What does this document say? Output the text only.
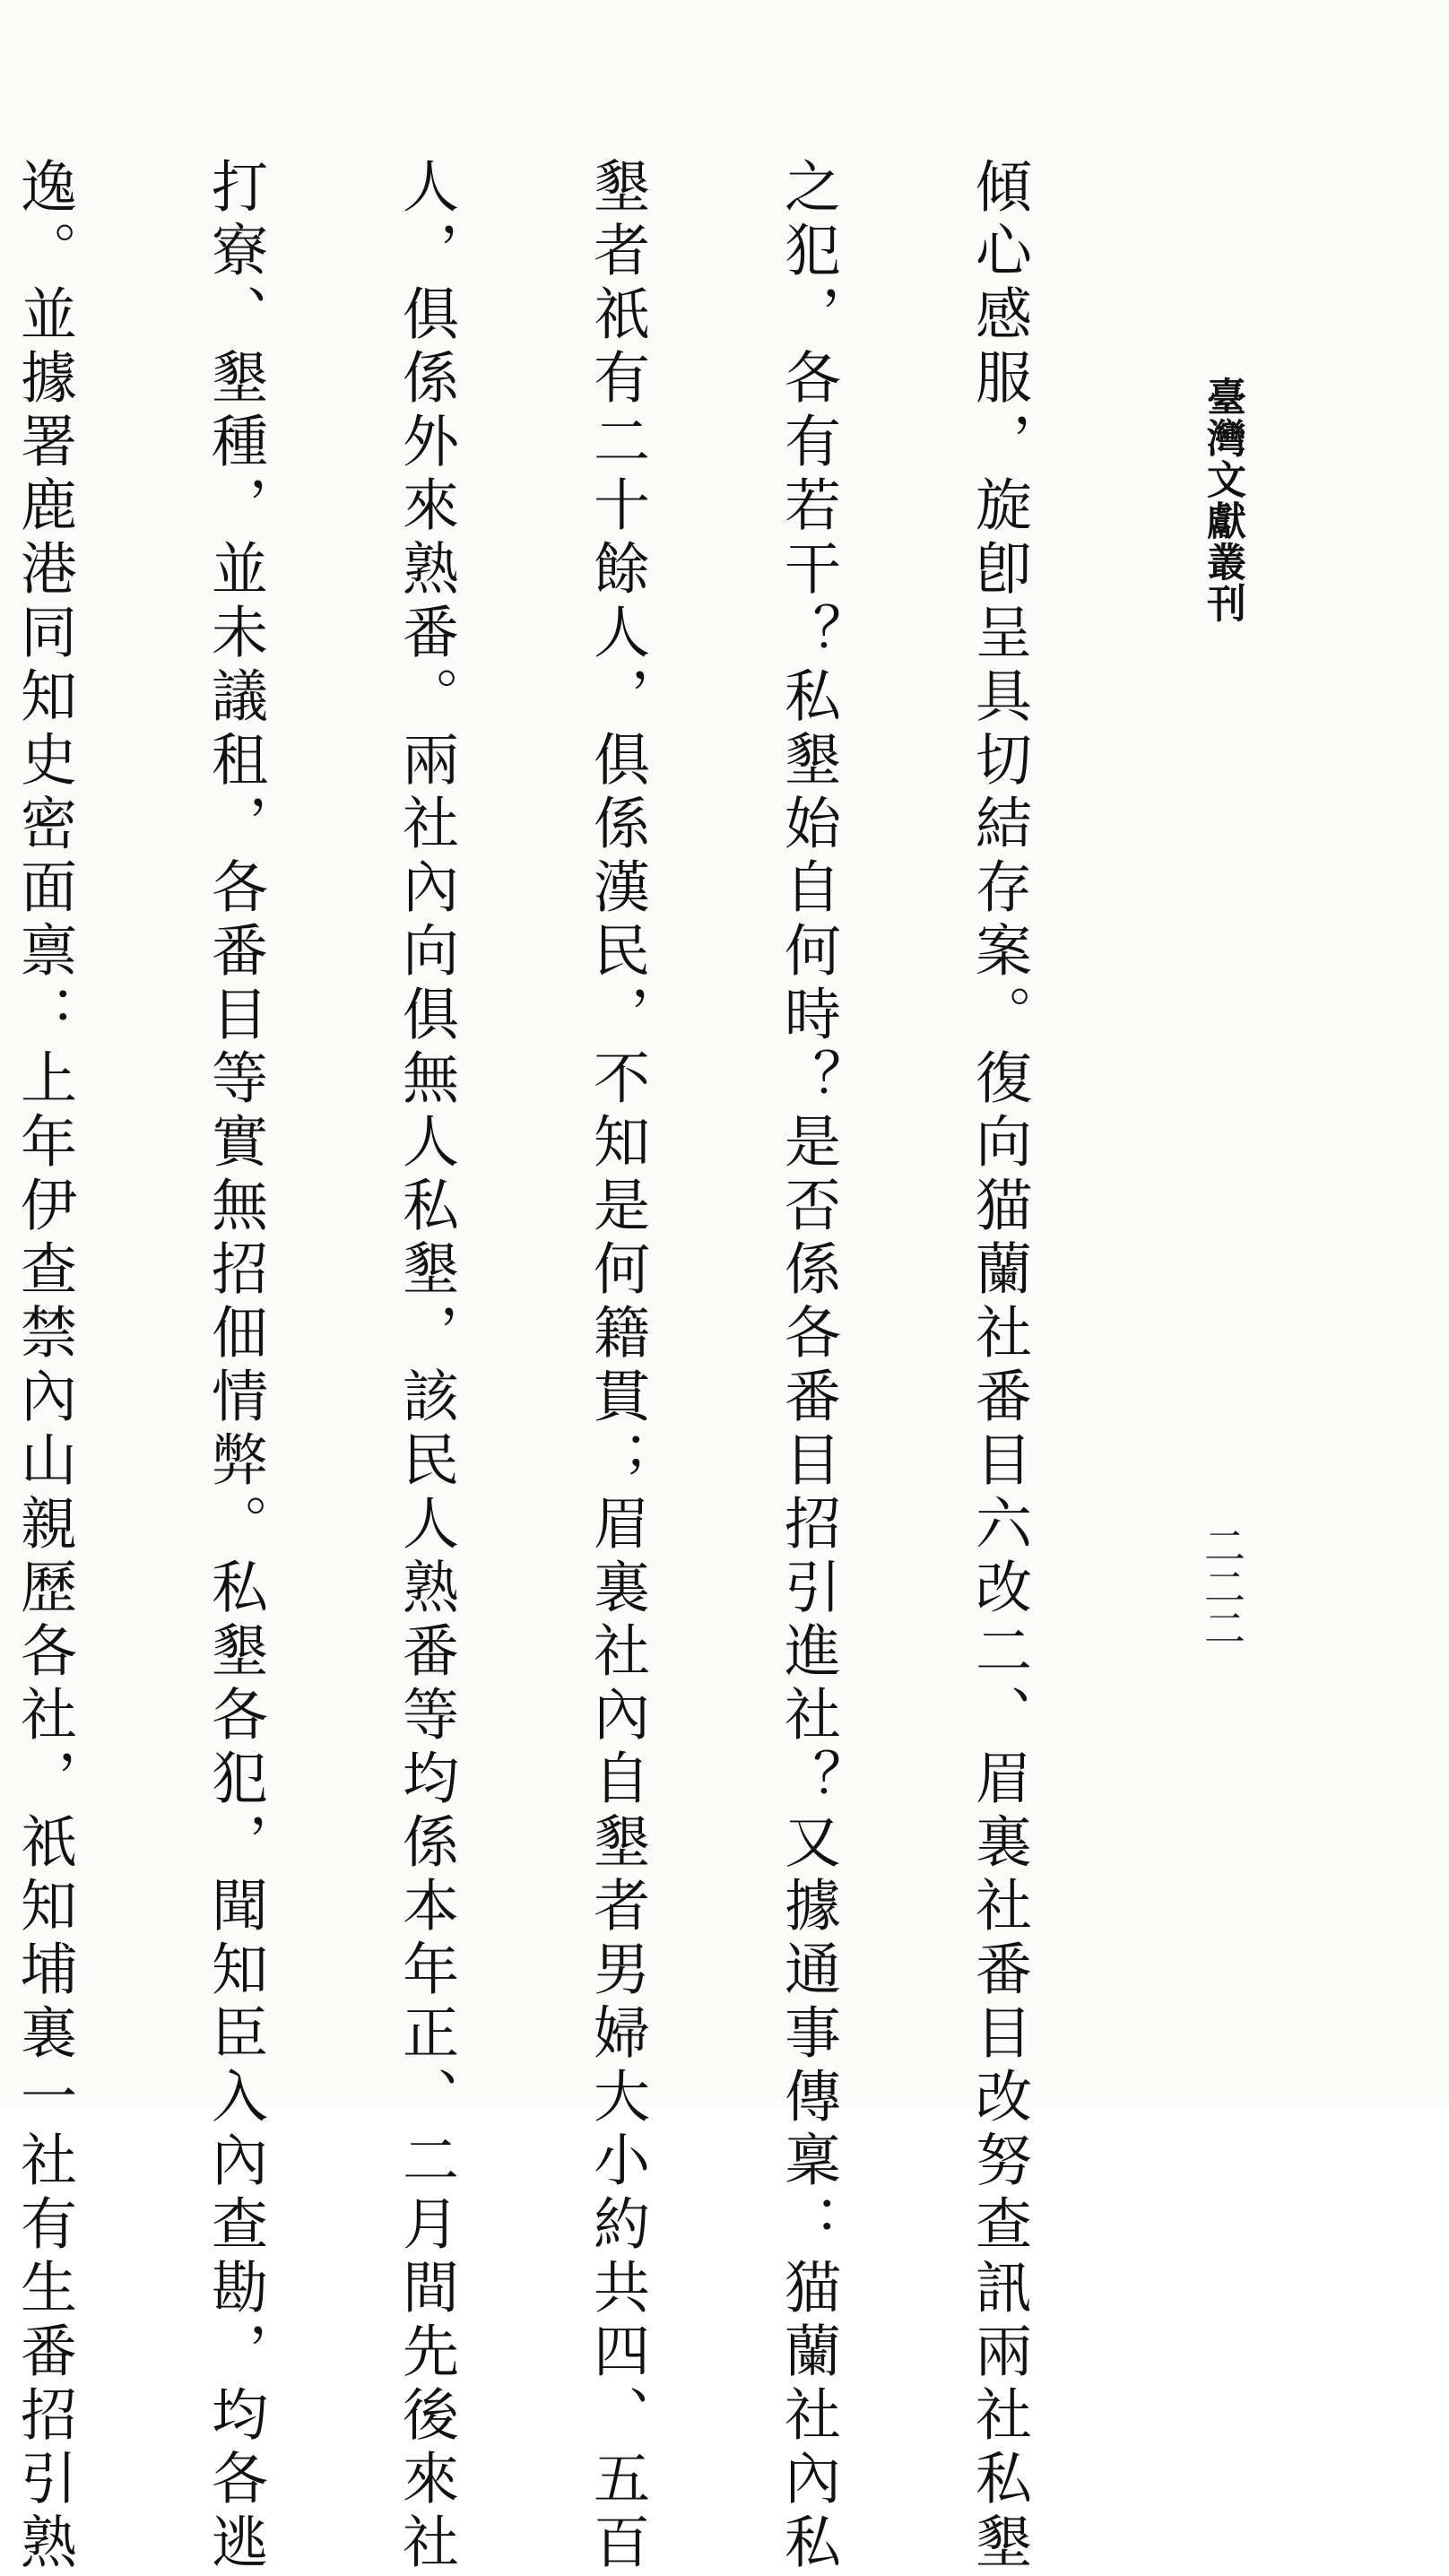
臺灣文獻叢刊
二二二

傾心感服，旋卽呈具切結存案。復向猫蘭社番目六改二、眉裏社番目改努查訊兩社私墾

之犯，各有若干？私墾始自何時？是否係各番目招引進社？又據通事傳稟：猫蘭社內私

墾者祇有二十餘人，俱係漢民，不知是何籍貫；眉裏社內自墾者男婦大小約共四、五百

人，俱係外來熟番。兩社內向俱無人私墾，該民人熟番等均係本年正、二月間先後來社

打寮、墾種，並未議租，各番目等實無招佃情弊。私墾各犯，聞知臣入內查勘，均各逃

逸。並據署鹿港同知史密面禀：上年伊查禁內山親歷各社，祇知埔裏一社有生番招引熟
